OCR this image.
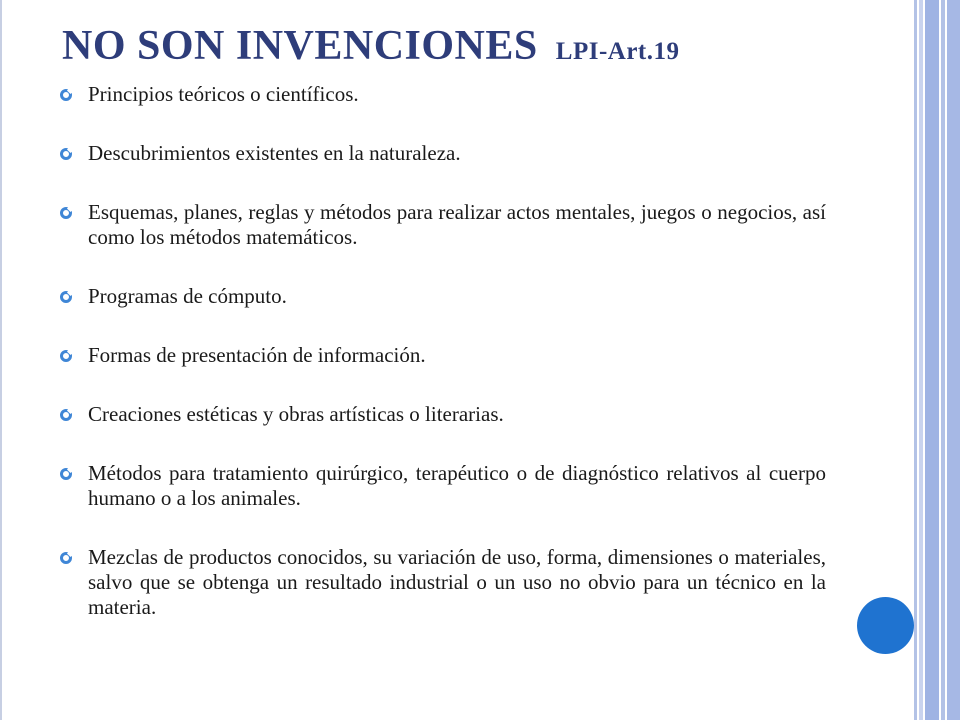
NO SON INVENCIONES LPI-Art.19
Principios teóricos o científicos.
Descubrimientos existentes en la naturaleza.
Esquemas, planes, reglas y métodos para realizar actos mentales, juegos o negocios, así como los métodos matemáticos.
Programas de cómputo.
Formas de presentación de información.
Creaciones estéticas y obras artísticas o literarias.
Métodos para tratamiento quirúrgico, terapéutico o de diagnóstico relativos al cuerpo humano o a los animales.
Mezclas de productos conocidos, su variación de uso, forma, dimensiones o materiales, salvo que se obtenga un resultado industrial o un uso no obvio para un técnico en la materia.
